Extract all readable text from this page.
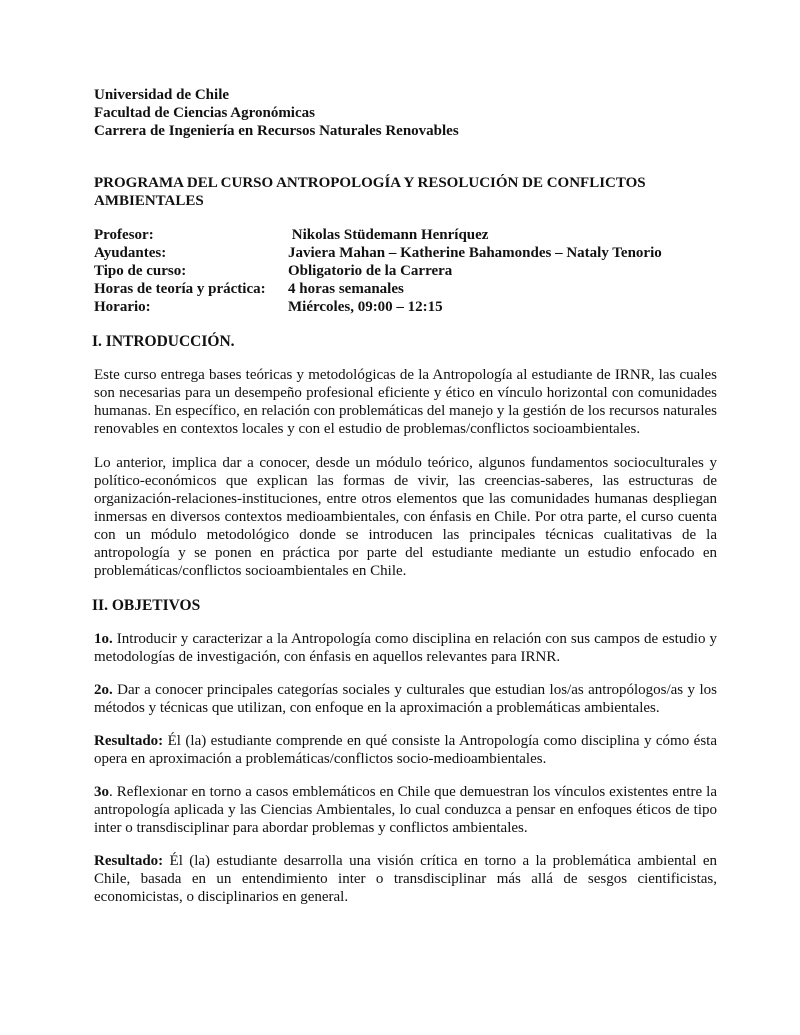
Universidad de Chile

Facultad de Ciencias Agronómicas

Carrera de Ingeniería en Recursos Naturales Renovables

PROGRAMA DEL CURSO ANTROPOLOGÍA Y RESOLUCIÓN DE CONFLICTOS AMBIENTALES

Profesor:	Nikolas Stüdemann Henríquez
Ayudantes:	Javiera Mahan – Katherine Bahamondes – Nataly Tenorio
Tipo de curso:	Obligatorio de la Carrera
Horas de teoría y práctica:	4 horas semanales
Horario:	Miércoles, 09:00 – 12:15

I. INTRODUCCIÓN.

Este curso entrega bases teóricas y metodológicas de la Antropología al estudiante de IRNR, las cuales son necesarias para un desempeño profesional eficiente y ético en vínculo horizontal con comunidades humanas. En específico, en relación con problemáticas del manejo y la gestión de los recursos naturales renovables en contextos locales y con el estudio de problemas/conflictos socioambientales.

Lo anterior, implica dar a conocer, desde un módulo teórico, algunos fundamentos socioculturales y político-económicos que explican las formas de vivir, las creencias-saberes, las estructuras de organización-relaciones-instituciones, entre otros elementos que las comunidades humanas despliegan inmersas en diversos contextos medioambientales, con énfasis en Chile. Por otra parte, el curso cuenta con un módulo metodológico donde se introducen las principales técnicas cualitativas de la antropología y se ponen en práctica por parte del estudiante mediante un estudio enfocado en problemáticas/conflictos socioambientales en Chile.

II. OBJETIVOS

1o. Introducir y caracterizar a la Antropología como disciplina en relación con sus campos de estudio y metodologías de investigación, con énfasis en aquellos relevantes para IRNR.

2o. Dar a conocer principales categorías sociales y culturales que estudian los/as antropólogos/as y los métodos y técnicas que utilizan, con enfoque en la aproximación a problemáticas ambientales.

Resultado: Él (la) estudiante comprende en qué consiste la Antropología como disciplina y cómo ésta opera en aproximación a problemáticas/conflictos socio-medioambientales.

3o. Reflexionar en torno a casos emblemáticos en Chile que demuestran los vínculos existentes entre la antropología aplicada y las Ciencias Ambientales, lo cual conduzca a pensar en enfoques éticos de tipo inter o transdisciplinar para abordar problemas y conflictos ambientales.

Resultado: Él (la) estudiante desarrolla una visión crítica en torno a la problemática ambiental en Chile, basada en un entendimiento inter o transdisciplinar más allá de sesgos cientificistas, economicistas, o disciplinarios en general.
